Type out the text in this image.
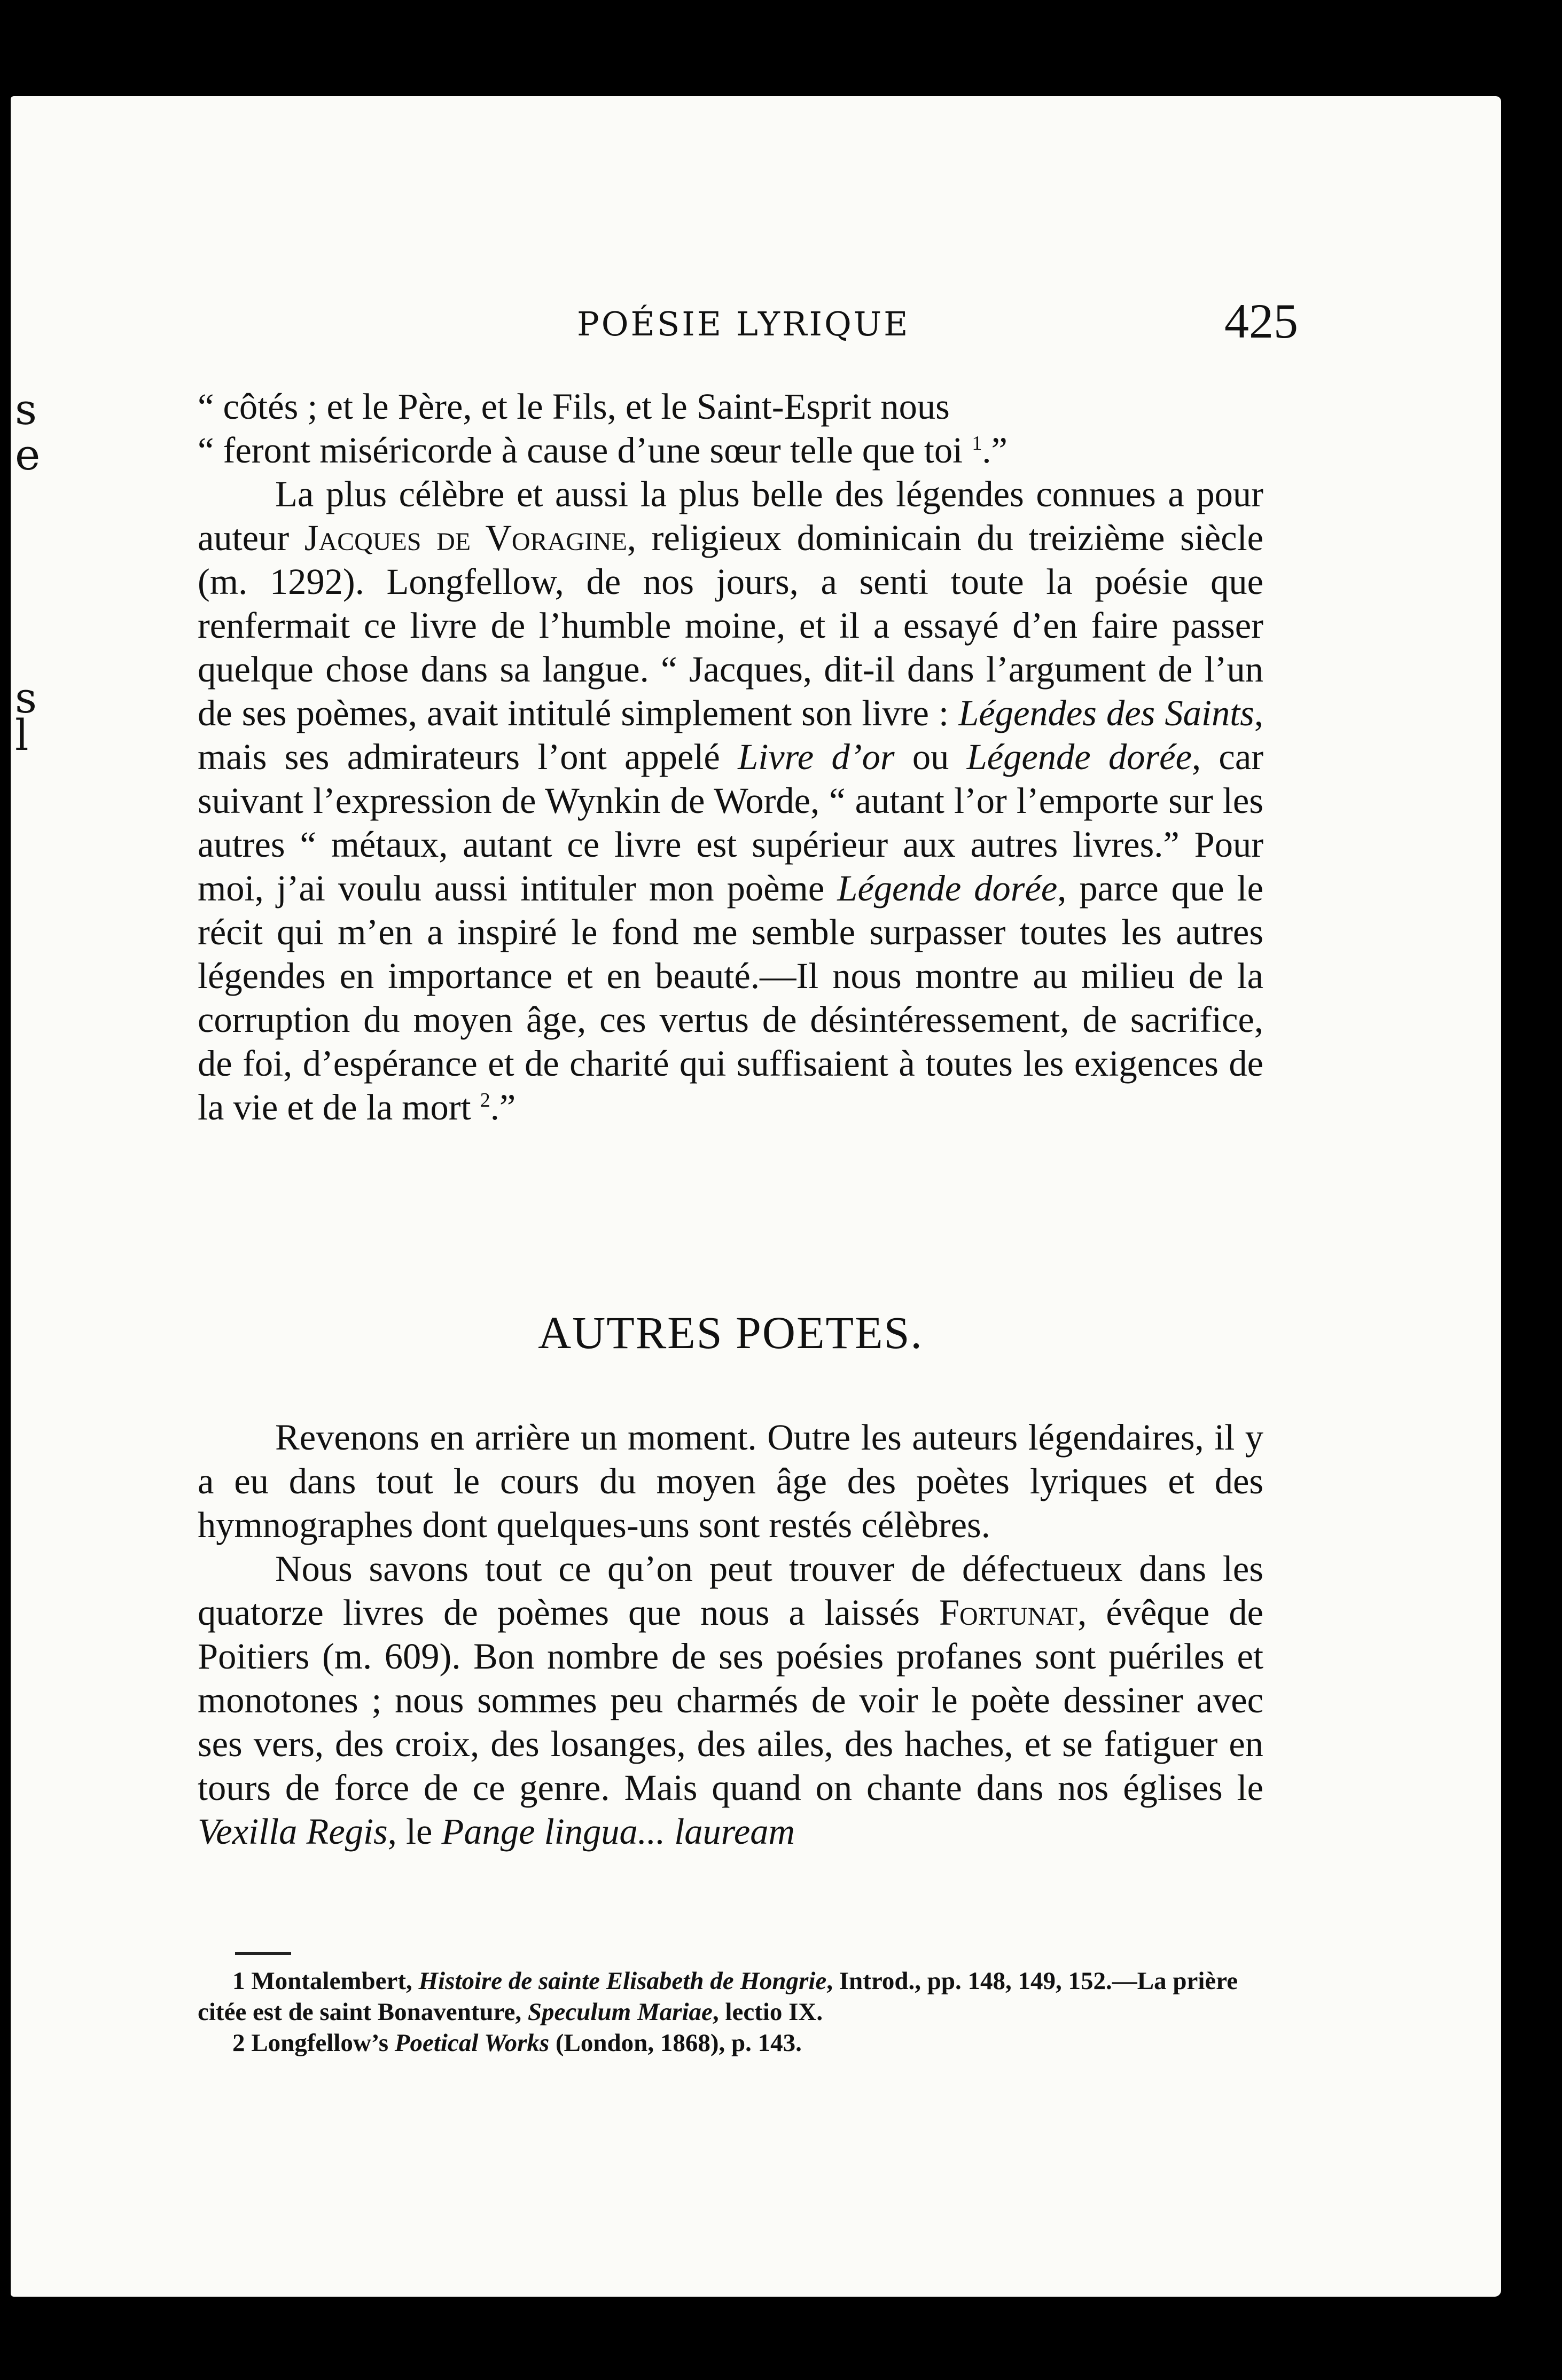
s
e
s
l
POÉSIE LYRIQUE	425

“ côtés ; et le Père, et le Fils, et le Saint-Esprit nous
“ feront miséricorde à cause d’une sœur telle que toi $^1$.”

La plus célèbre et aussi la plus belle des légendes connues a pour auteur Jacques de Voragine, religieux dominicain du treizième siècle (m. 1292). Longfellow, de nos jours, a senti toute la poésie que renfermait ce livre de l’humble moine, et il a essayé d’en faire passer quelque chose dans sa langue. “ Jacques, dit-il dans l’argument de l’un de ses poèmes, avait intitulé simplement son livre : Légendes des Saints, mais ses admirateurs l’ont appelé Livre d’or ou Légende dorée, car suivant l’expression de Wynkin de Worde, “ autant l’or l’emporte sur les autres “ métaux, autant ce livre est supérieur aux autres livres.” Pour moi, j’ai voulu aussi intituler mon poème Légende dorée, parce que le récit qui m’en a inspiré le fond me semble surpasser toutes les autres légendes en importance et en beauté.—Il nous montre au milieu de la corruption du moyen âge, ces vertus de désintéressement, de sacrifice, de foi, d’espérance et de charité qui suffisaient à toutes les exigences de la vie et de la mort $^2$.”

AUTRES POETES.

Revenons en arrière un moment. Outre les auteurs légendaires, il y a eu dans tout le cours du moyen âge des poètes lyriques et des hymnographes dont quelques-uns sont restés célèbres.

Nous savons tout ce qu’on peut trouver de défectueux dans les quatorze livres de poèmes que nous a laissés Fortunat, évêque de Poitiers (m. 609). Bon nombre de ses poésies profanes sont puériles et monotones ; nous sommes peu charmés de voir le poète dessiner avec ses vers, des croix, des losanges, des ailes, des haches, et se fatiguer en tours de force de ce genre. Mais quand on chante dans nos églises le Vexilla Regis, le Pange lingua... lauream

1 Montalembert, Histoire de sainte Elisabeth de Hongrie, Introd., pp. 148, 149, 152.—La prière citée est de saint Bonaventure, Speculum Mariae, lectio IX.

2 Longfellow’s Poetical Works (London, 1868), p. 143.
